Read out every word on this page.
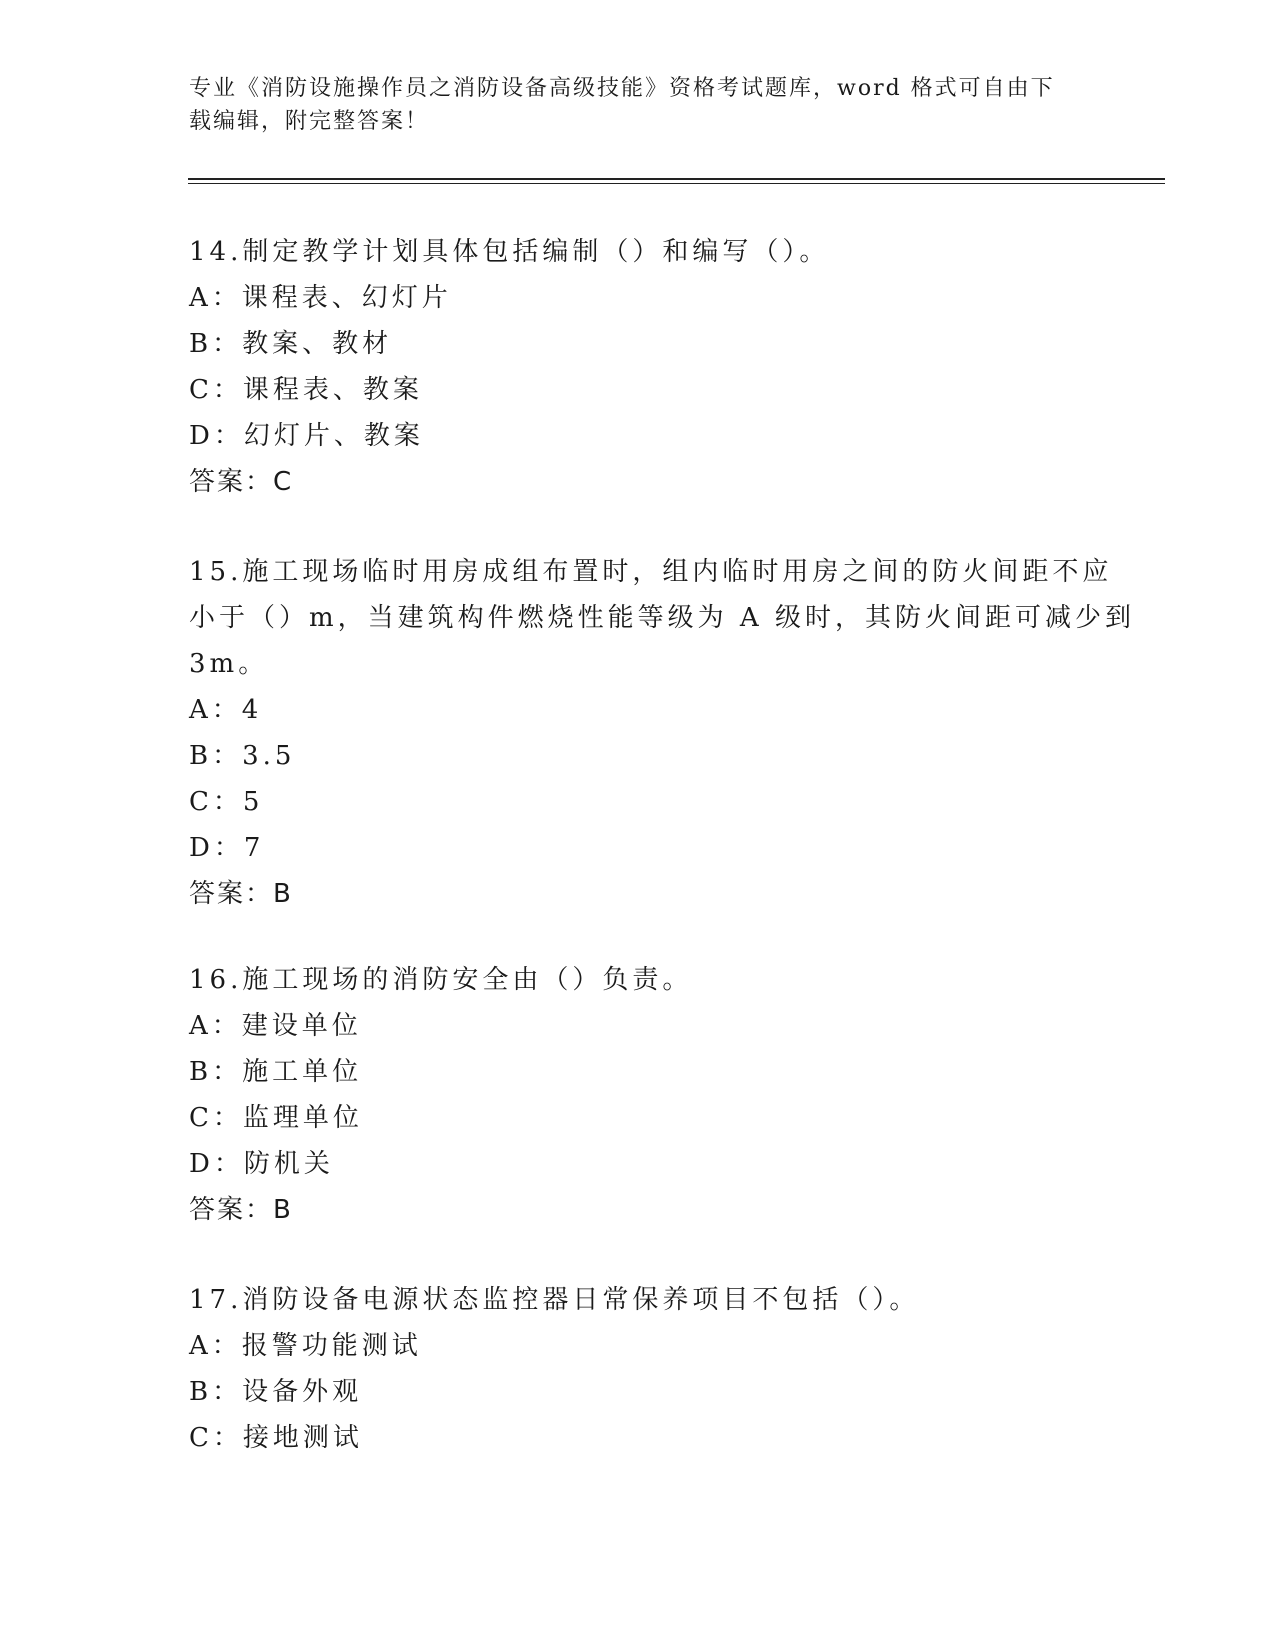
专业《消防设施操作员之消防设备高级技能》资格考试题库，word 格式可自由下
载编辑，附完整答案！
14.制定教学计划具体包括编制（）和编写（）。
A：课程表、幻灯片
B：教案、教材
C：课程表、教案
D：幻灯片、教案
答案：C
15.施工现场临时用房成组布置时，组内临时用房之间的防火间距不应
小于（）m，当建筑构件燃烧性能等级为 A 级时，其防火间距可减少到
3m。
A：4
B：3.5
C：5
D：7
答案：B
16.施工现场的消防安全由（）负责。
A：建设单位
B：施工单位
C：监理单位
D：防机关
答案：B
17.消防设备电源状态监控器日常保养项目不包括（）。
A：报警功能测试
B：设备外观
C：接地测试
